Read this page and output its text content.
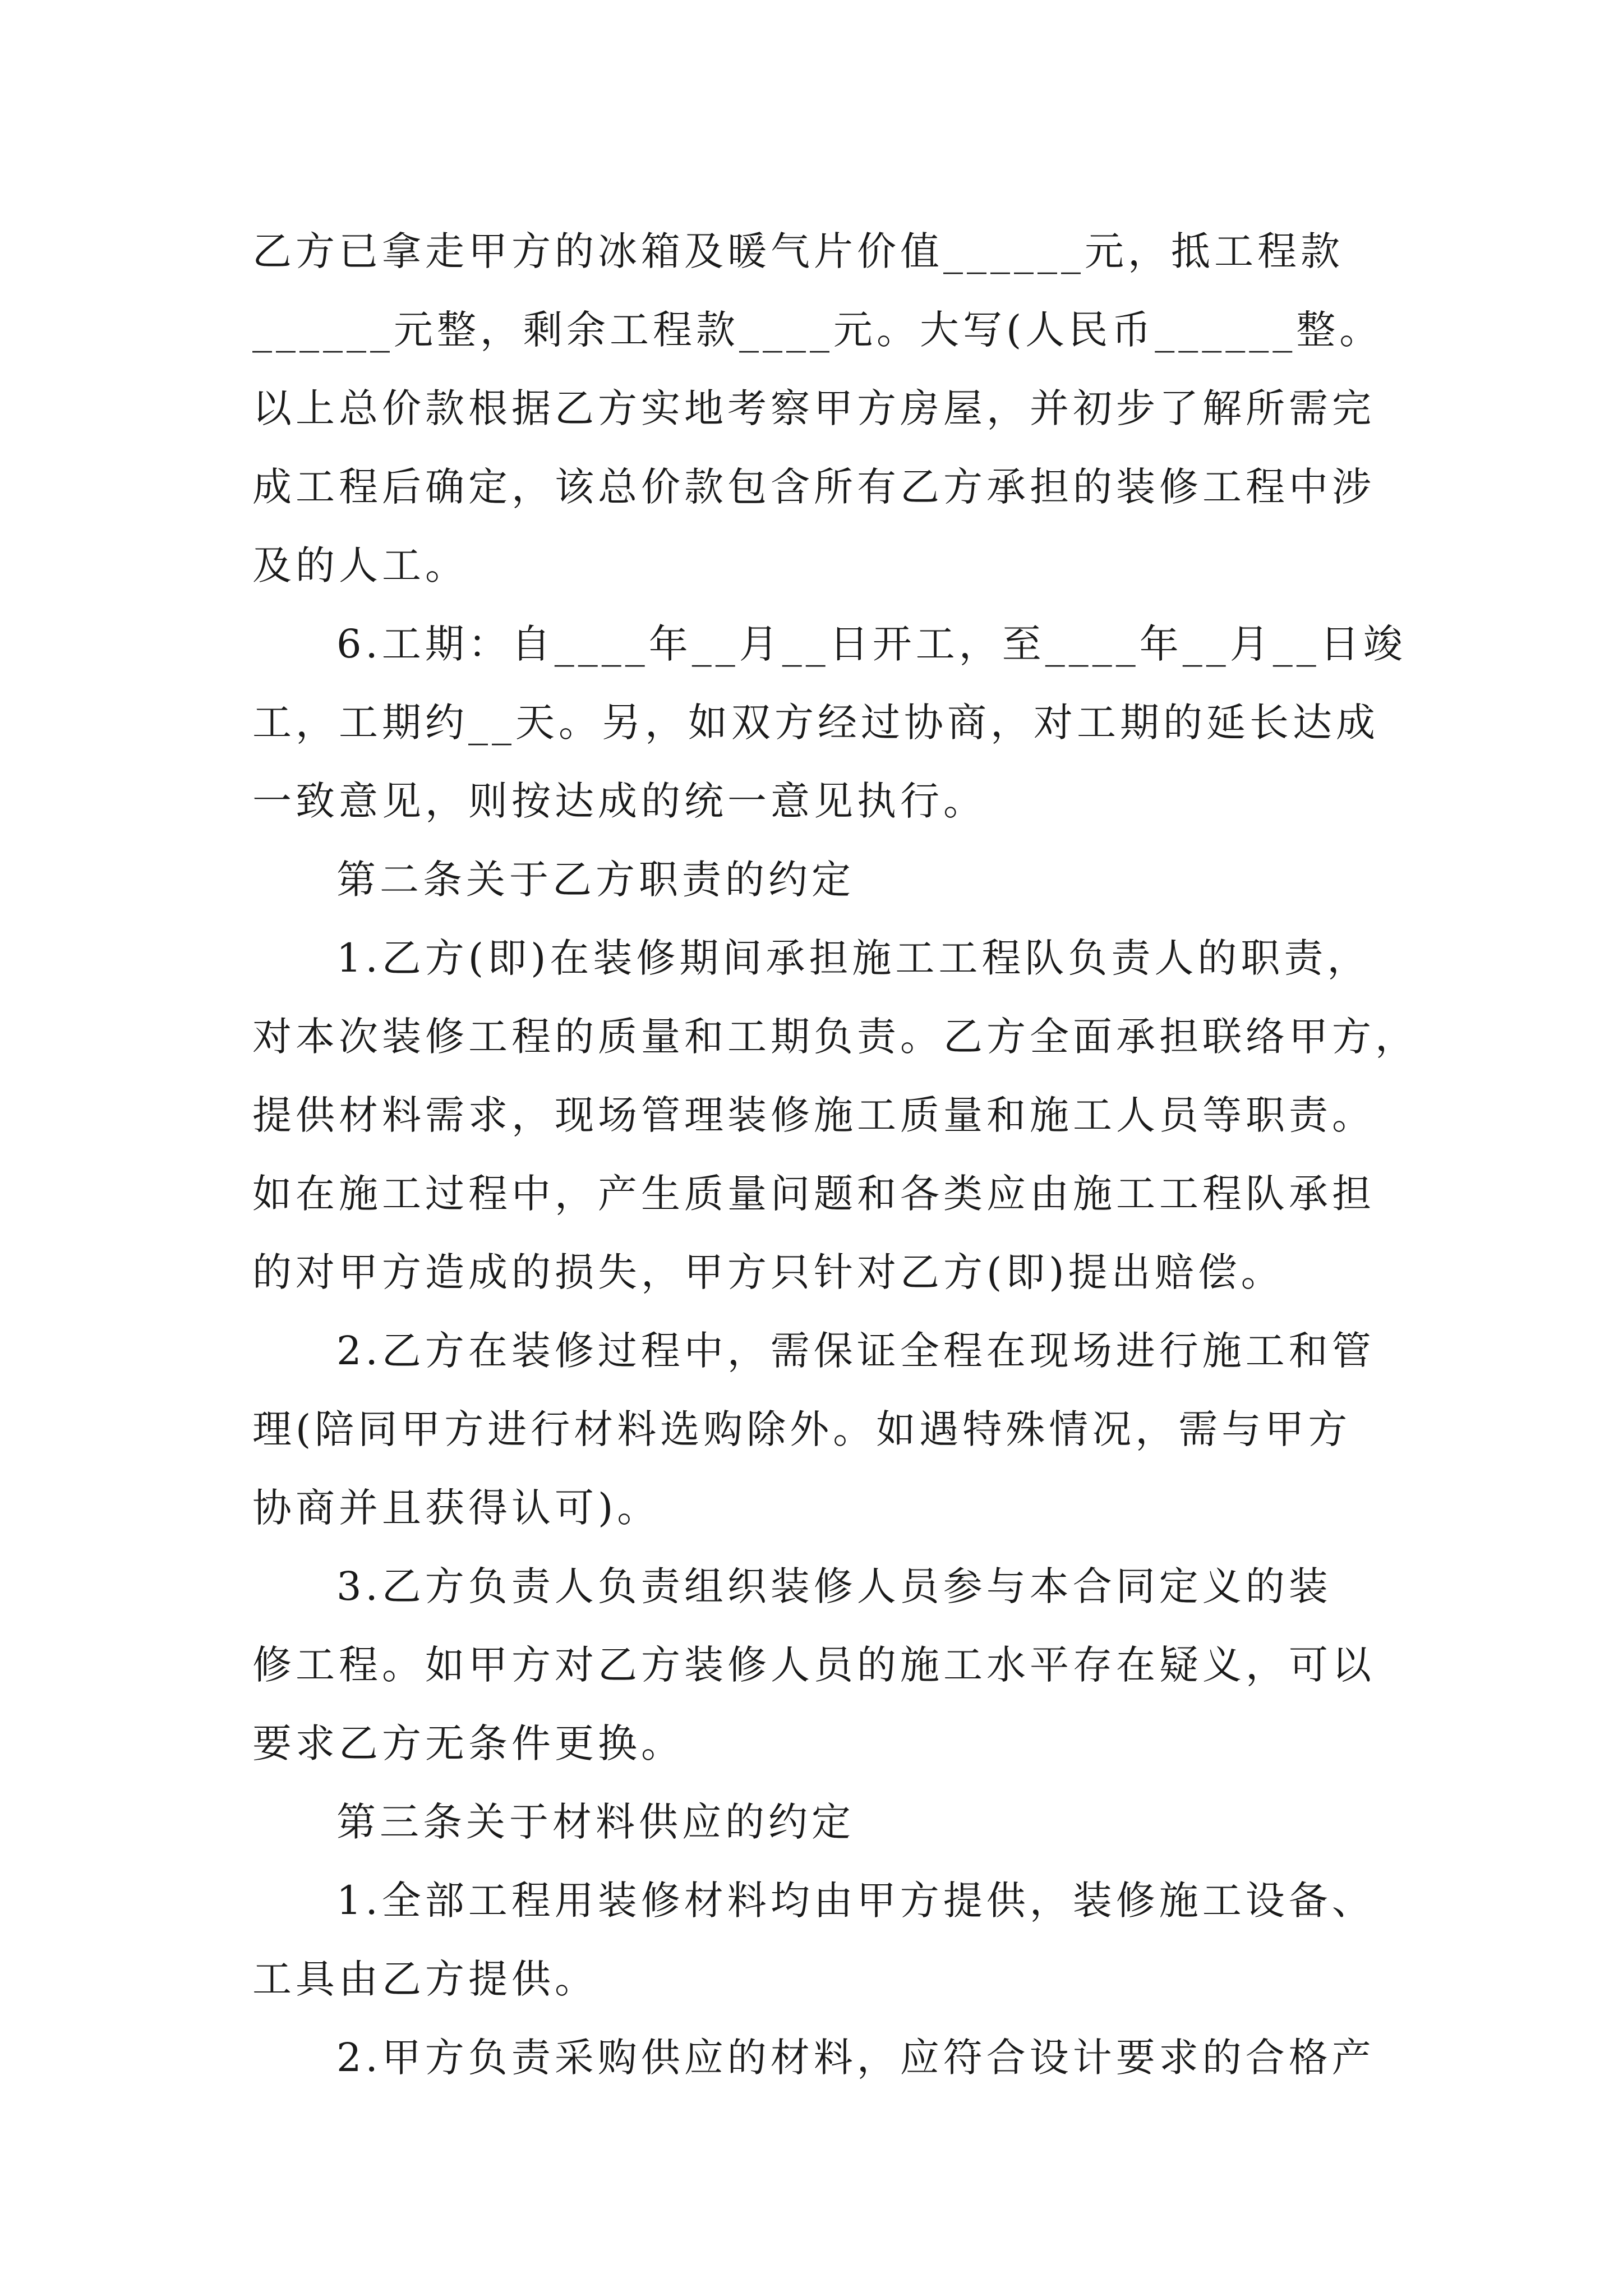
乙方已拿走甲方的冰箱及暖气片价值______元，抵工程款
______元整，剩余工程款____元。大写(人民币______整。
以上总价款根据乙方实地考察甲方房屋，并初步了解所需完
成工程后确定，该总价款包含所有乙方承担的装修工程中涉
及的人工。
6.工期：自____年__月__日开工，至____年__月__日竣
工，工期约__天。另，如双方经过协商，对工期的延长达成
一致意见，则按达成的统一意见执行。
第二条关于乙方职责的约定
1.乙方(即)在装修期间承担施工工程队负责人的职责，
对本次装修工程的质量和工期负责。乙方全面承担联络甲方，
提供材料需求，现场管理装修施工质量和施工人员等职责。
如在施工过程中，产生质量问题和各类应由施工工程队承担
的对甲方造成的损失，甲方只针对乙方(即)提出赔偿。
2.乙方在装修过程中，需保证全程在现场进行施工和管
理(陪同甲方进行材料选购除外。如遇特殊情况，需与甲方
协商并且获得认可)。
3.乙方负责人负责组织装修人员参与本合同定义的装
修工程。如甲方对乙方装修人员的施工水平存在疑义，可以
要求乙方无条件更换。
第三条关于材料供应的约定
1.全部工程用装修材料均由甲方提供，装修施工设备、
工具由乙方提供。
2.甲方负责采购供应的材料，应符合设计要求的合格产
